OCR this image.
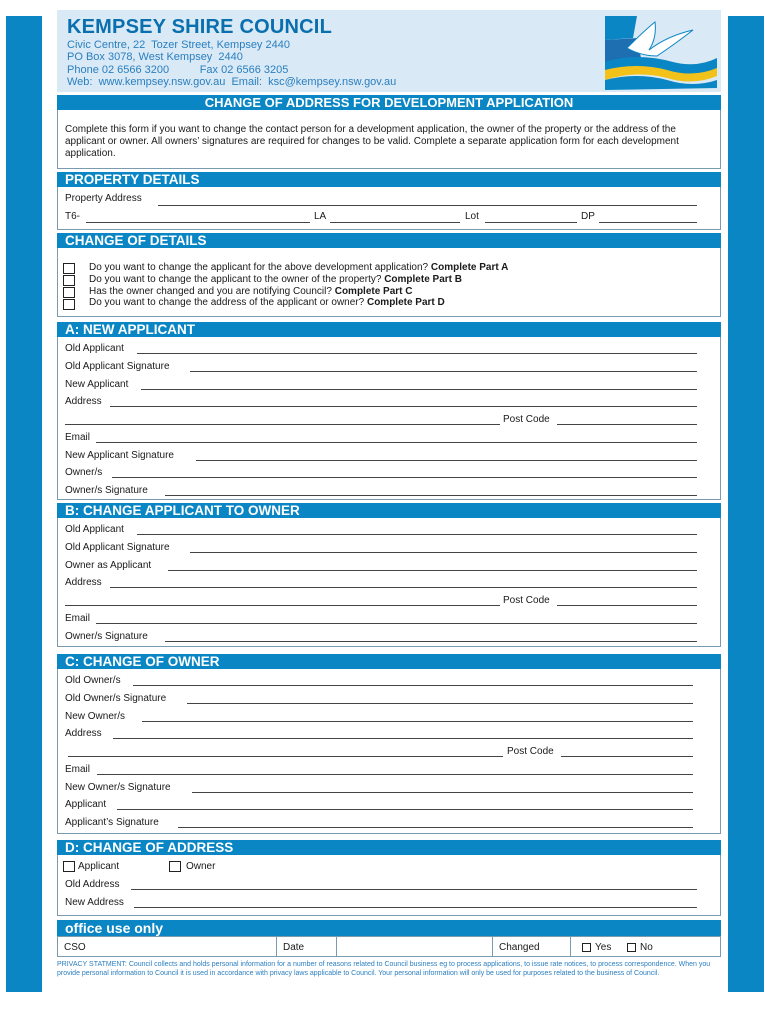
KEMPSEY SHIRE COUNCIL
Civic Centre, 22  Tozer Street, Kempsey 2440
PO Box 3078, West Kempsey  2440
Phone 02 6566 3200          Fax 02 6566 3205
Web:  www.kempsey.nsw.gov.au  Email:  ksc@kempsey.nsw.gov.au
CHANGE OF ADDRESS FOR DEVELOPMENT APPLICATION
Complete this form if you want to change the contact person for a development application, the owner of the property or the address of the applicant or owner. All owners’ signatures are required for changes to be valid. Complete a separate application form for each development application.
PROPERTY DETAILS
Property Address
T6-	LA	Lot	DP
CHANGE OF DETAILS
Do you want to change the applicant for the above development application? Complete Part A
Do you want to change the applicant to the owner of the property? Complete Part B
Has the owner changed and you are notifying Council? Complete Part C
Do you want to change the address of the applicant or owner? Complete Part D
A: NEW APPLICANT
Old Applicant
Old Applicant Signature
New Applicant
Address
Post Code
Email
New Applicant Signature
Owner/s
Owner/s Signature
B: CHANGE APPLICANT TO OWNER
Old Applicant
Old Applicant Signature
Owner as Applicant
Address
Post Code
Email
Owner/s Signature
C: CHANGE OF OWNER
Old Owner/s
Old Owner/s Signature
New Owner/s
Address
Post Code
Email
New Owner/s Signature
Applicant
Applicant’s Signature
D: CHANGE OF ADDRESS
Applicant	Owner
Old Address
New Address
office use only
CSO	Date	Changed	Yes	No
PRIVACY STATMENT: Council collects and holds personal information for a number of reasons related to Council business eg to process applications, to issue rate notices, to process correspondence. When you provide personal information to Council it is used in accordance with privacy laws applicable to Council. Your personal information will only be used for purposes related to the business of Council.
